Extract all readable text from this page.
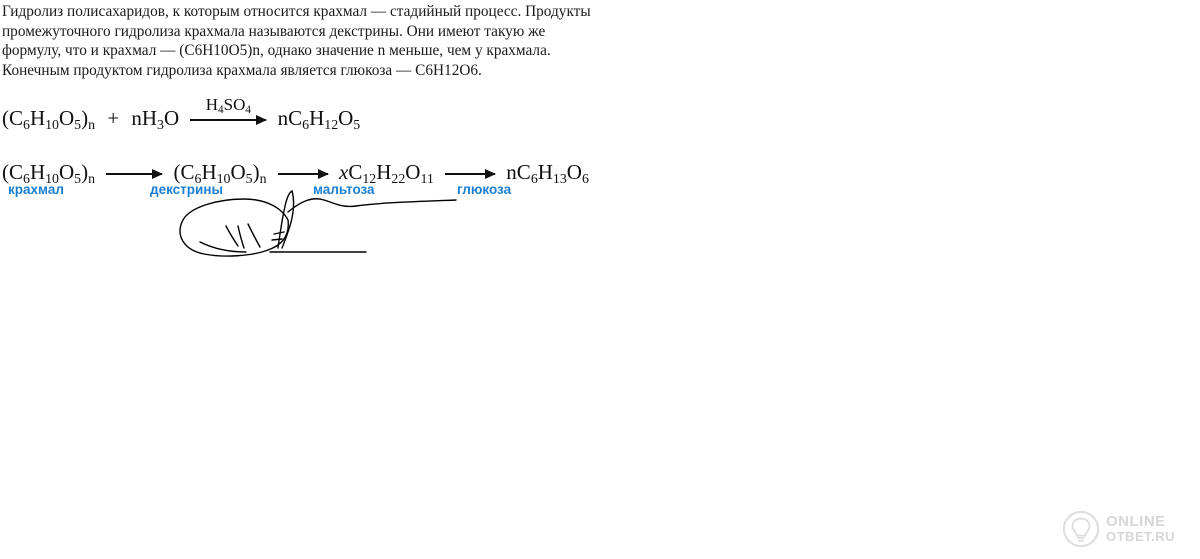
Гидролиз полисахаридов, к которым относится крахмал — стадийный процесс. Продукты
промежуточного гидролиза крахмала называются декстрины. Они имеют такую же
формулу, что и крахмал — (C6H10O5)n, однако значение n меньше, чем у крахмала.
Конечным продуктом гидролиза крахмала является глюкоза — C6H12O6.
$(C_6H_{10}O_5)_n + nH_3O$
$H_4SO_4$ $nC_6H_{12}O_5$
$(C_6H_{10}O_5)_n$	$(C_6H_{10}O_5)_n$	$xC_{12}H_{22}O_{11}$	$nC_6H_{13}O_6$
крахмал	декстрины	мальтоза	глюкоза
ONLINE
ОТВЕТ.RU
